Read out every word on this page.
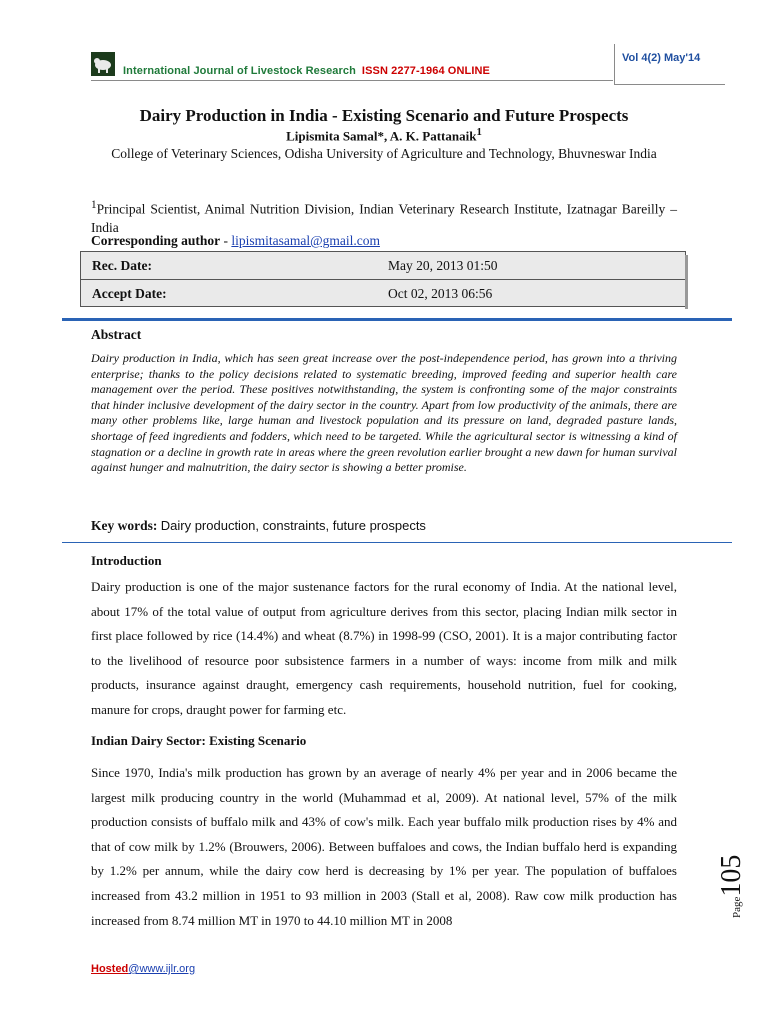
International Journal of Livestock Research ISSN 2277-1964 ONLINE
Vol 4(2) May'14
Dairy Production in India - Existing Scenario and Future Prospects
Lipismita Samal*, A. K. Pattanaik$^1$
College of Veterinary Sciences, Odisha University of Agriculture and Technology, Bhuvneswar India
$^1$Principal Scientist, Animal Nutrition Division, Indian Veterinary Research Institute, Izatnagar Bareilly – India
Corresponding author - lipismitasamal@gmail.com
Rec. Date:	May 20, 2013 01:50
Accept Date:	Oct 02, 2013 06:56
Abstract
Dairy production in India, which has seen great increase over the post-independence period, has grown into a thriving enterprise; thanks to the policy decisions related to systematic breeding, improved feeding and superior health care management over the period. These positives notwithstanding, the system is confronting some of the major constraints that hinder inclusive development of the dairy sector in the country. Apart from low productivity of the animals, there are many other problems like, large human and livestock population and its pressure on land, degraded pasture lands, shortage of feed ingredients and fodders, which need to be targeted. While the agricultural sector is witnessing a kind of stagnation or a decline in growth rate in areas where the green revolution earlier brought a new dawn for human survival against hunger and malnutrition, the dairy sector is showing a better promise.
Key words: Dairy production, constraints, future prospects
Introduction
Dairy production is one of the major sustenance factors for the rural economy of India. At the national level, about 17% of the total value of output from agriculture derives from this sector, placing Indian milk sector in first place followed by rice (14.4%) and wheat (8.7%) in 1998-99 (CSO, 2001). It is a major contributing factor to the livelihood of resource poor subsistence farmers in a number of ways: income from milk and milk products, insurance against draught, emergency cash requirements, household nutrition, fuel for cooking, manure for crops, draught power for farming etc.
Indian Dairy Sector: Existing Scenario
Since 1970, India's milk production has grown by an average of nearly 4% per year and in 2006 became the largest milk producing country in the world (Muhammad et al, 2009). At national level, 57% of the milk production consists of buffalo milk and 43% of cow's milk. Each year buffalo milk production rises by 4% and that of cow milk by 1.2% (Brouwers, 2006). Between buffaloes and cows, the Indian buffalo herd is expanding by 1.2% per annum, while the dairy cow herd is decreasing by 1% per year. The population of buffaloes increased from 43.2 million in 1951 to 93 million in 2003 (Stall et al, 2008). Raw cow milk production has increased from 8.74 million MT in 1970 to 44.10 million MT in 2008
Page105
Hosted@www.ijlr.org
